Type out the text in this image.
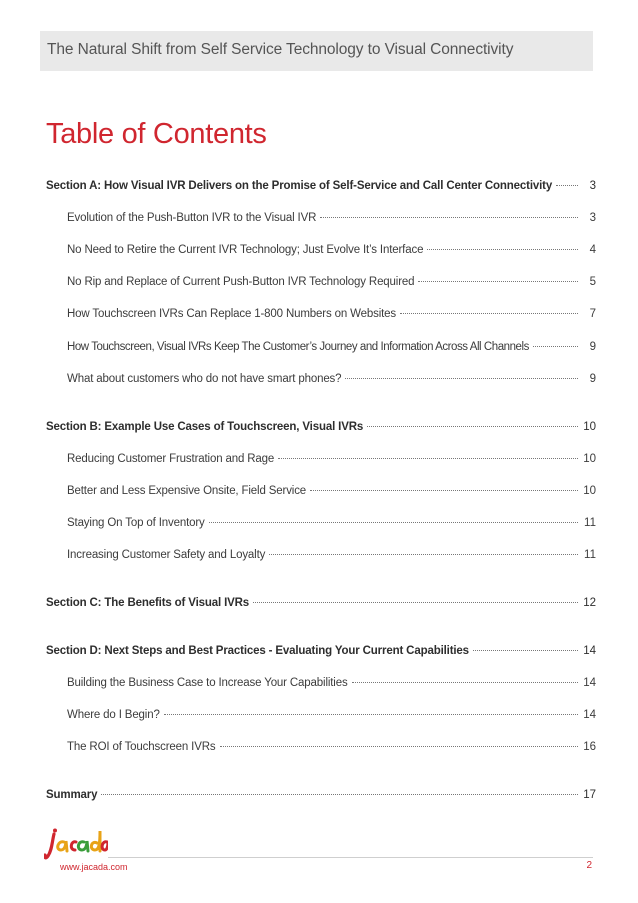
The Natural Shift from Self Service Technology to Visual Connectivity
Table of Contents
Section A: How Visual IVR Delivers on the Promise of Self-Service and Call Center Connectivity	3
Evolution of the Push-Button IVR to the Visual IVR	3
No Need to Retire the Current IVR Technology; Just Evolve It’s Interface	4
No Rip and Replace of Current Push-Button IVR Technology Required	5
How Touchscreen IVRs Can Replace 1-800 Numbers on Websites	7
How Touchscreen, Visual IVRs Keep The Customer’s Journey and Information Across All Channels	9
What about customers who do not have smart phones?	9
Section B: Example Use Cases of Touchscreen, Visual IVRs	10
Reducing Customer Frustration and Rage	10
Better and Less Expensive Onsite, Field Service	10
Staying On Top of Inventory	11
Increasing Customer Safety and Loyalty	11
Section C: The Benefits of Visual IVRs	12
Section D: Next Steps and Best Practices - Evaluating Your Current Capabilities	14
Building the Business Case to Increase Your Capabilities	14
Where do I Begin?	14
The ROI of Touchscreen IVRs	16
Summary	17
www.jacada.com	2
